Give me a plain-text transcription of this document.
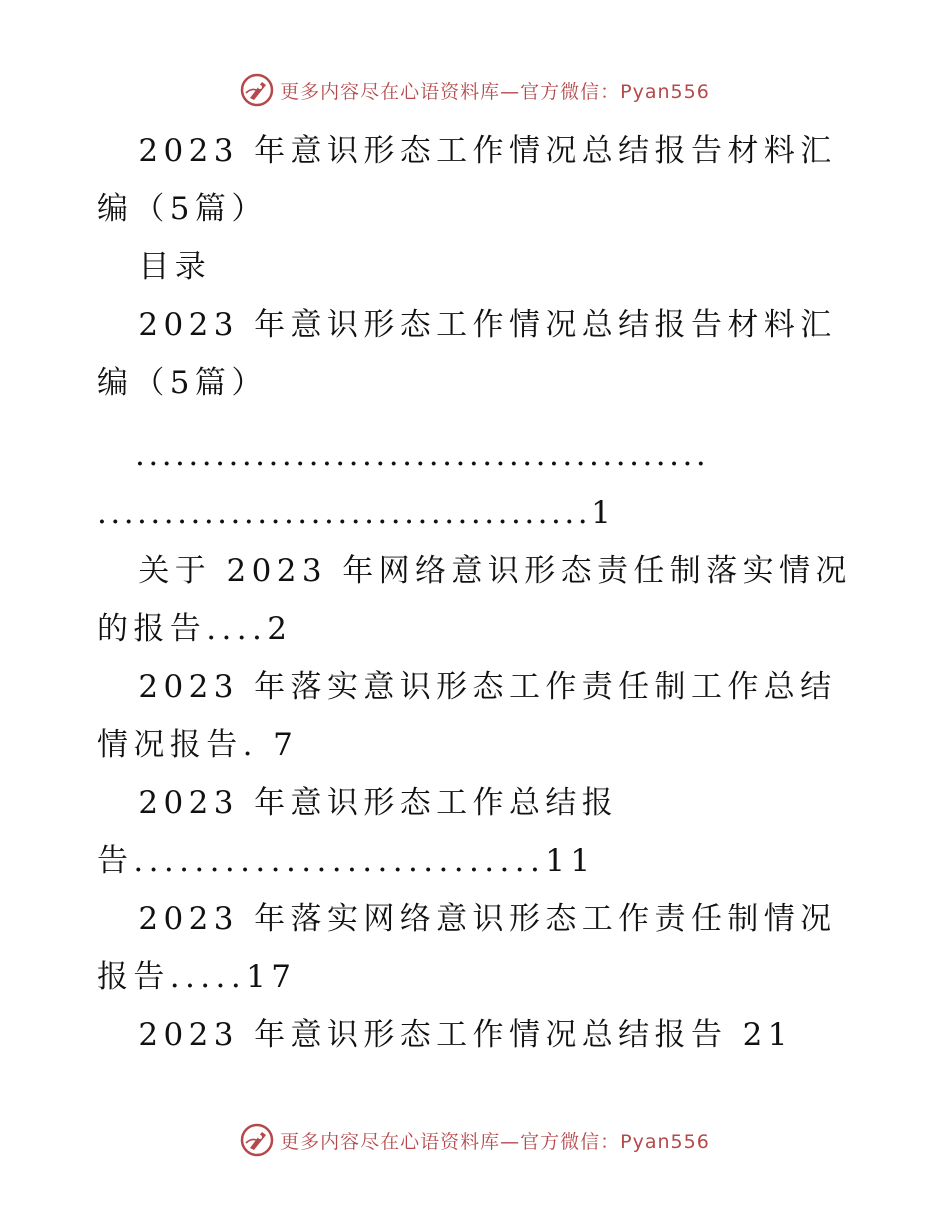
更多内容尽在心语资料库—官方微信：Pyan556

2023 年意识形态工作情况总结报告材料汇编（5篇）

目录

2023 年意识形态工作情况总结报告材料汇编（5篇）

...........................................

.....................................1

关于 2023 年网络意识形态责任制落实情况的报告....2

2023 年落实意识形态工作责任制工作总结情况报告. 7

2023 年意识形态工作总结报告...........................11

2023 年落实网络意识形态工作责任制情况报告.....17

2023 年意识形态工作情况总结报告 21

更多内容尽在心语资料库—官方微信：Pyan556
